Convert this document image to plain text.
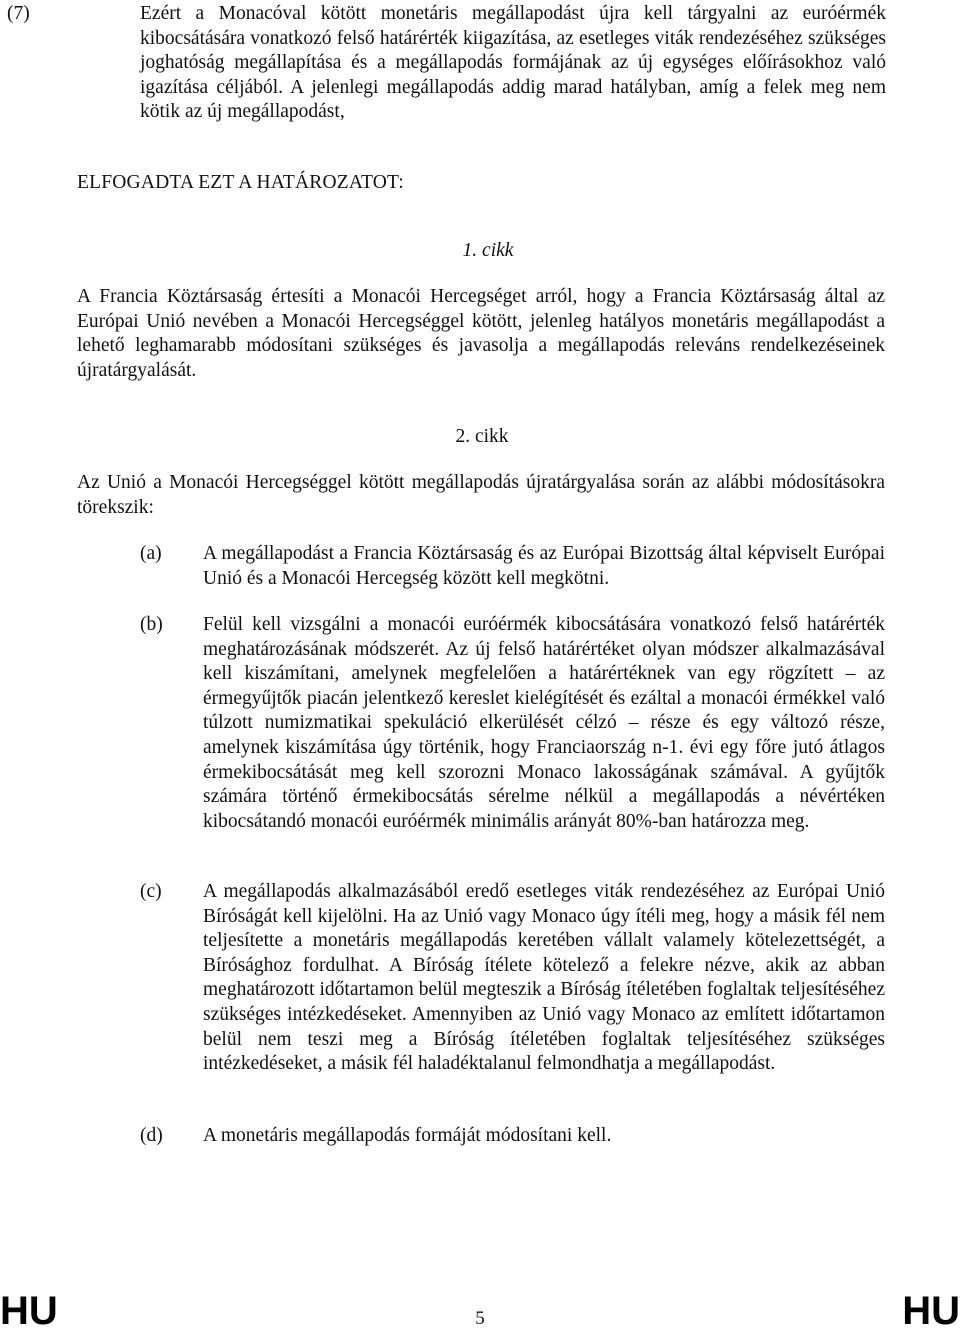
(7)	Ezért a Monacóval kötött monetáris megállapodást újra kell tárgyalni az euróérmék kibocsátására vonatkozó felső határérték kiigazítása, az esetleges viták rendezéséhez szükséges joghatóság megállapítása és a megállapodás formájának az új egységes előírásokhoz való igazítása céljából. A jelenlegi megállapodás addig marad hatályban, amíg a felek meg nem kötik az új megállapodást,
ELFOGADTA EZT A HATÁROZATOT:
1. cikk
A Francia Köztársaság értesíti a Monacói Hercegséget arról, hogy a Francia Köztársaság által az Európai Unió nevében a Monacói Hercegséggel kötött, jelenleg hatályos monetáris megállapodást a lehető leghamarabb módosítani szükséges és javasolja a megállapodás releváns rendelkezéseinek újratárgyalását.
2. cikk
Az Unió a Monacói Hercegséggel kötött megállapodás újratárgyalása során az alábbi módosításokra törekszik:
(a) A megállapodást a Francia Köztársaság és az Európai Bizottság által képviselt Európai Unió és a Monacói Hercegség között kell megkötni.
(b) Felül kell vizsgálni a monacói euróérmék kibocsátására vonatkozó felső határérték meghatározásának módszerét. Az új felső határértéket olyan módszer alkalmazásával kell kiszámítani, amelynek megfelelően a határértéknek van egy rögzített – az érmegyűjtők piacán jelentkező kereslet kielégítését és ezáltal a monacói érmékkel való túlzott numizmatikai spekuláció elkerülését célzó – része és egy változó része, amelynek kiszámítása úgy történik, hogy Franciaország n-1. évi egy főre jutó átlagos érmekibocsátását meg kell szorozni Monaco lakosságának számával. A gyűjtők számára történő érmekibocsátás sérelme nélkül a megállapodás a névértéken kibocsátandó monacói euróérmék minimális arányát 80%-ban határozza meg.
(c) A megállapodás alkalmazásából eredő esetleges viták rendezéséhez az Európai Unió Bíróságát kell kijelölni. Ha az Unió vagy Monaco úgy ítéli meg, hogy a másik fél nem teljesítette a monetáris megállapodás keretében vállalt valamely kötelezettségét, a Bírósághoz fordulhat. A Bíróság ítélete kötelező a felekre nézve, akik az abban meghatározott időtartamon belül megteszik a Bíróság ítéletében foglaltak teljesítéséhez szükséges intézkedéseket. Amennyiben az Unió vagy Monaco az említett időtartamon belül nem teszi meg a Bíróság ítéletében foglaltak teljesítéséhez szükséges intézkedéseket, a másik fél haladéktalanul felmondhatja a megállapodást.
(d) A monetáris megállapodás formáját módosítani kell.
HU	5	HU
